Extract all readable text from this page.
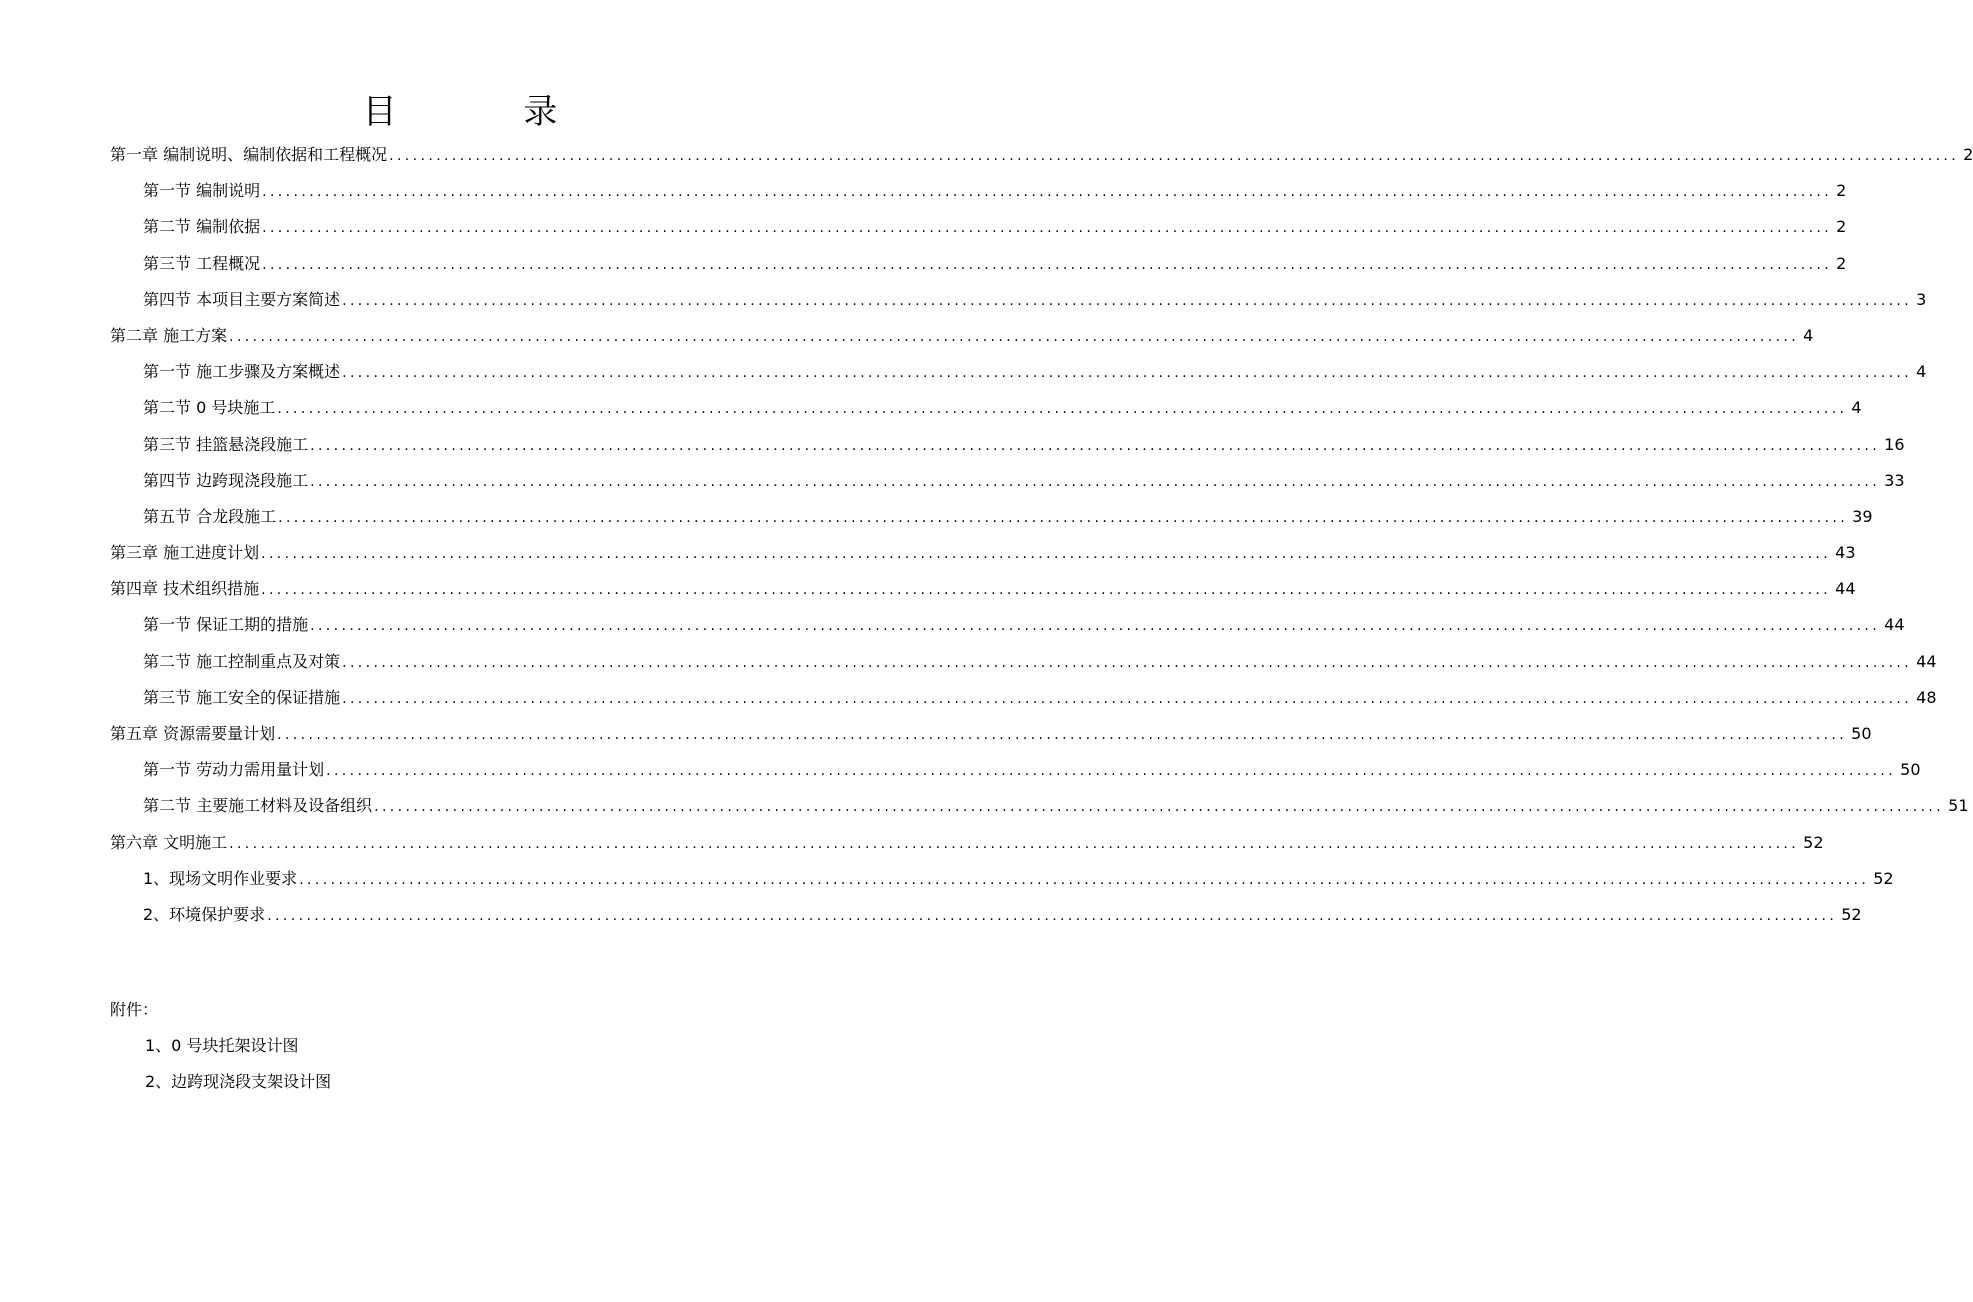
目 录
第一章 编制说明、编制依据和工程概况 ........................................................................................................................................................................................................ 2
第一节 编制说明 ........................................................................................................................................................................................................ 2
第二节 编制依据 ........................................................................................................................................................................................................ 2
第三节 工程概况 ........................................................................................................................................................................................................ 2
第四节 本项目主要方案简述 ........................................................................................................................................................................................................ 3
第二章 施工方案 ........................................................................................................................................................................................................ 4
第一节 施工步骤及方案概述 ........................................................................................................................................................................................................ 4
第二节 0 号块施工 ........................................................................................................................................................................................................ 4
第三节 挂篮悬浇段施工 ........................................................................................................................................................................................................ 16
第四节 边跨现浇段施工 ........................................................................................................................................................................................................ 33
第五节 合龙段施工 ........................................................................................................................................................................................................ 39
第三章 施工进度计划 ........................................................................................................................................................................................................ 43
第四章 技术组织措施 ........................................................................................................................................................................................................ 44
第一节 保证工期的措施 ........................................................................................................................................................................................................ 44
第二节 施工控制重点及对策 ........................................................................................................................................................................................................ 44
第三节 施工安全的保证措施 ........................................................................................................................................................................................................ 48
第五章 资源需要量计划 ........................................................................................................................................................................................................ 50
第一节 劳动力需用量计划 ........................................................................................................................................................................................................ 50
第二节 主要施工材料及设备组织 ........................................................................................................................................................................................................ 51
第六章 文明施工 ........................................................................................................................................................................................................ 52
1、现场文明作业要求 ........................................................................................................................................................................................................ 52
2、环境保护要求 ........................................................................................................................................................................................................ 52
附件：
1、0 号块托架设计图
2、边跨现浇段支架设计图
